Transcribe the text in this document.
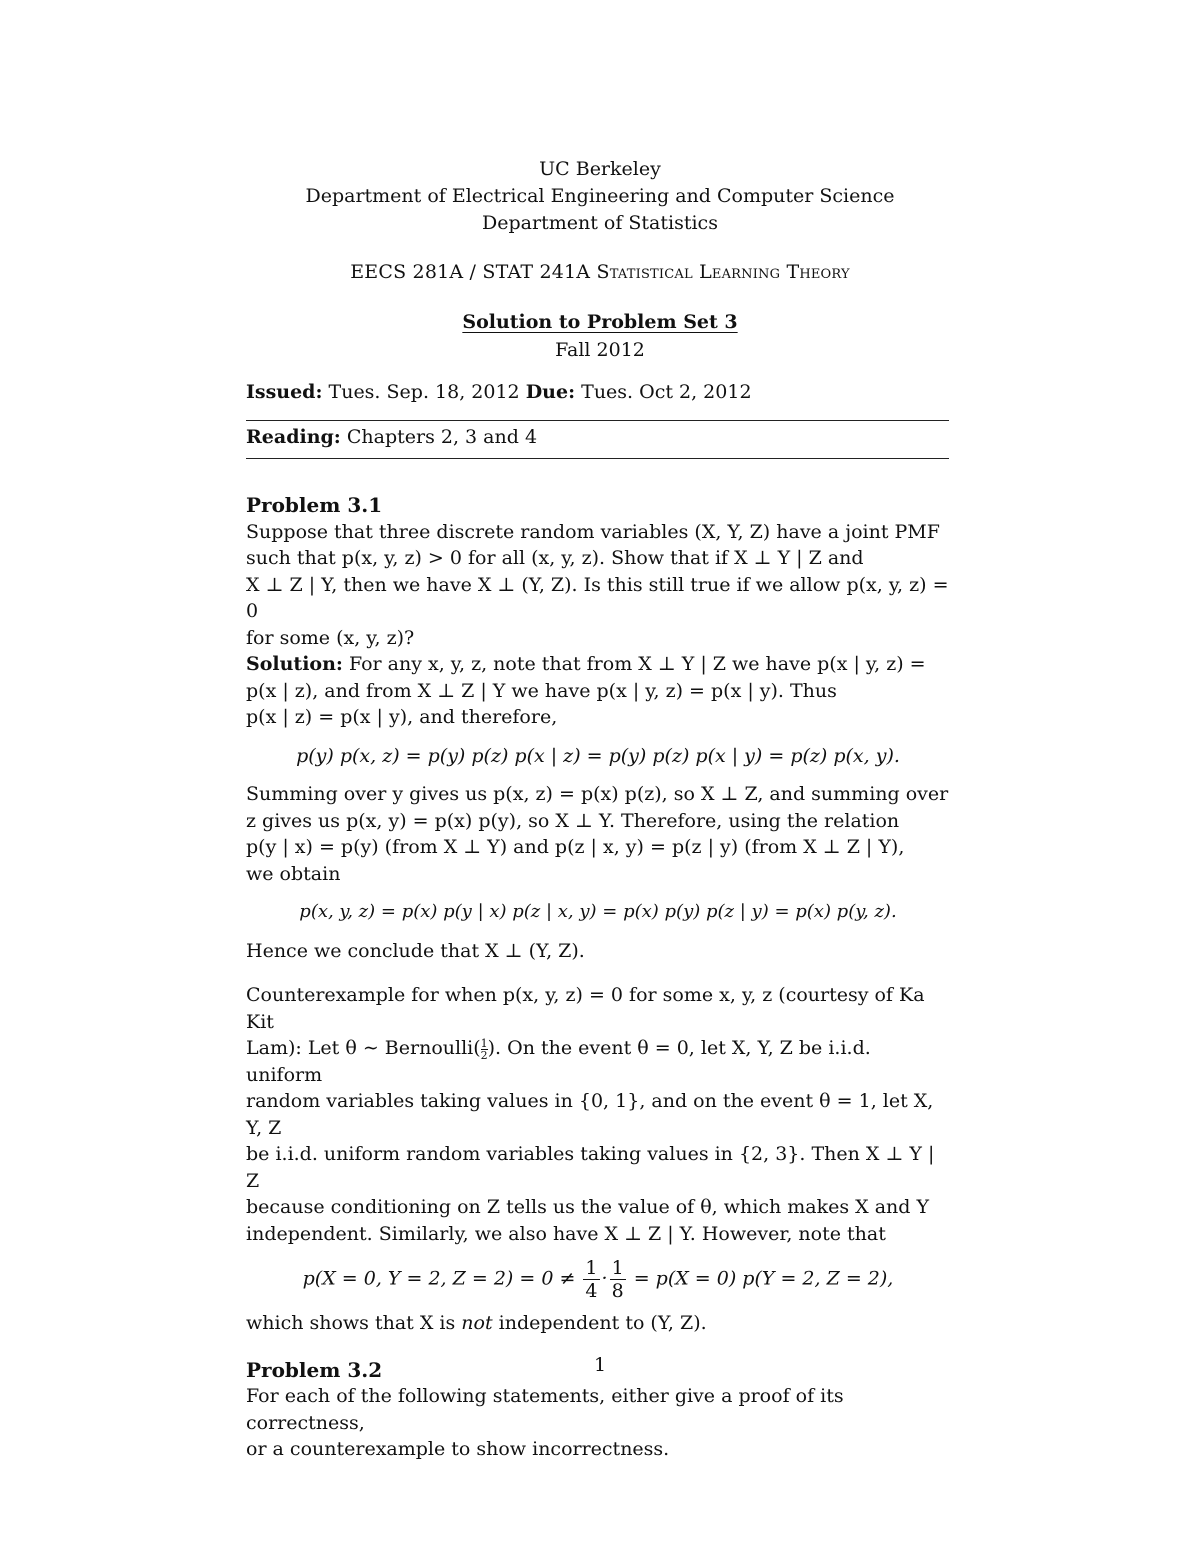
UC Berkeley
Department of Electrical Engineering and Computer Science
Department of Statistics
EECS 281A / STAT 241A Statistical Learning Theory
Solution to Problem Set 3
Fall 2012
Issued: Tues. Sep. 18, 2012 Due: Tues. Oct 2, 2012
Reading: Chapters 2, 3 and 4
Problem 3.1

Suppose that three discrete random variables (X, Y, Z) have a joint PMF

such that p(x, y, z) > 0 for all (x, y, z). Show that if X ⊥ Y | Z and

X ⊥ Z | Y, then we have X ⊥ (Y, Z). Is this still true if we allow p(x, y, z) = 0

for some (x, y, z)?

Solution: For any x, y, z, note that from X ⊥ Y | Z we have p(x | y, z) =

p(x | z), and from X ⊥ Z | Y we have p(x | y, z) = p(x | y). Thus

p(x | z) = p(x | y), and therefore,

p(y) p(x, z) = p(y) p(z) p(x | z) = p(y) p(z) p(x | y) = p(z) p(x, y).

Summing over y gives us p(x, z) = p(x) p(z), so X ⊥ Z, and summing over

z gives us p(x, y) = p(x) p(y), so X ⊥ Y. Therefore, using the relation

p(y | x) = p(y) (from X ⊥ Y) and p(z | x, y) = p(z | y) (from X ⊥ Z | Y),

we obtain

p(x, y, z) = p(x) p(y | x) p(z | x, y) = p(x) p(y) p(z | y) = p(x) p(y, z).

Hence we conclude that X ⊥ (Y, Z).

Counterexample for when p(x, y, z) = 0 for some x, y, z (courtesy of Ka Kit

Lam): Let θ ∼ Bernoulli( $\frac{1}{2}$). On the event θ = 0, let X, Y, Z be i.i.d. uniform

random variables taking values in {0, 1}, and on the event θ = 1, let X, Y, Z

be i.i.d. uniform random variables taking values in {2, 3}. Then X ⊥ Y | Z

because conditioning on Z tells us the value of θ, which makes X and Y

independent. Similarly, we also have X ⊥ Z | Y. However, note that

p(X = 0, Y = 2, $Z = 2) = 0 \ne \frac{1}{4} \cdot \frac{1}{8} = p(X = 0) p(Y = 2$, Z = 2),

which shows that X is not independent to (Y, Z).

Problem 3.2

For each of the following statements, either give a proof of its correctness,

or a counterexample to show incorrectness.

1
